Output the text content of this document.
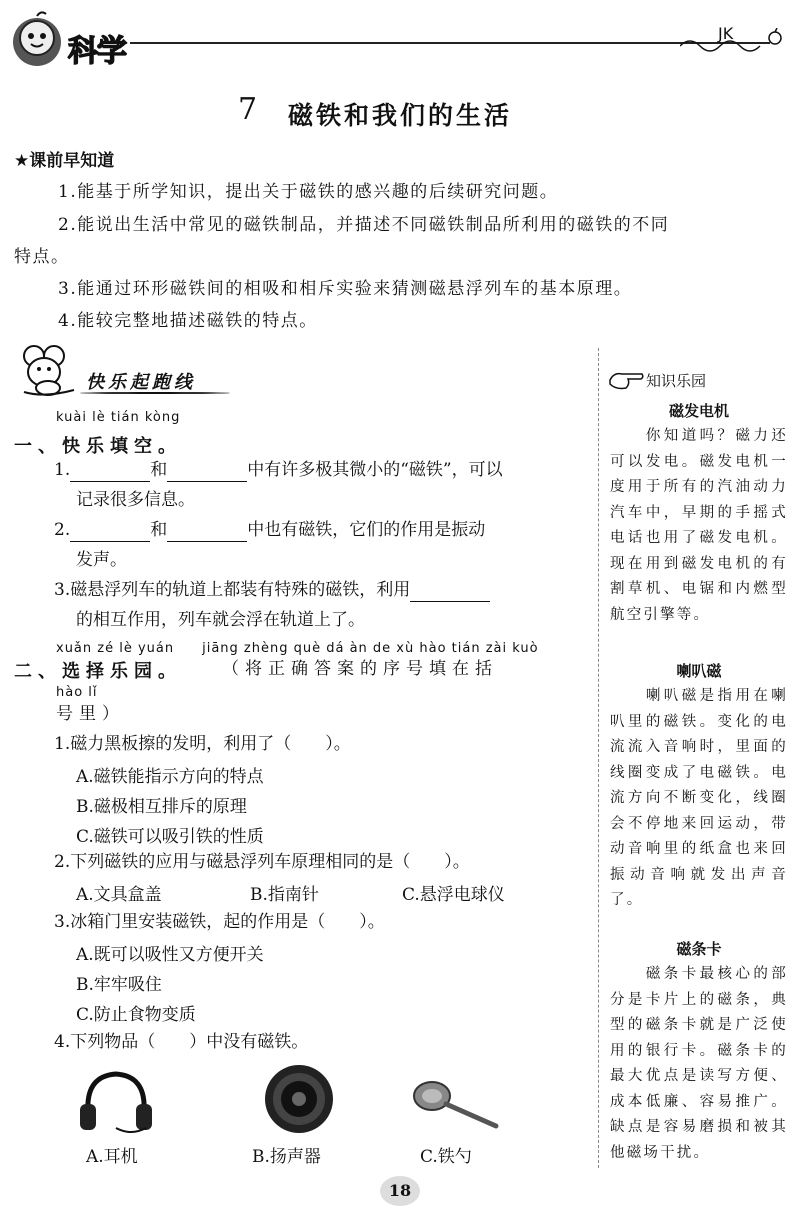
科学
JK
7 磁铁和我们的生活
★课前早知道
1.能基于所学知识，提出关于磁铁的感兴趣的后续研究问题。
2.能说出生活中常见的磁铁制品，并描述不同磁铁制品所利用的磁铁的不同
特点。
3.能通过环形磁铁间的相吸和相斥实验来猜测磁悬浮列车的基本原理。
4.能较完整地描述磁铁的特点。
快乐起跑线
kuài lè tián kòng
一、快乐填空。
1.	和	中有许多极其微小的“磁铁”，可以
记录很多信息。
2.	和	中也有磁铁，它们的作用是振动
发声。
3.磁悬浮列车的轨道上都装有特殊的磁铁，利用
的相互作用，列车就会浮在轨道上了。
xuǎn zé lè yuán　　jiāng zhèng què dá àn de xù hào tián zài kuò
二、选择乐园。 （将正确答案的序号填在括
hào lǐ
号里）
1.磁力黑板擦的发明，利用了（　　）。
A.磁铁能指示方向的特点
B.磁极相互排斥的原理
C.磁铁可以吸引铁的性质
2.下列磁铁的应用与磁悬浮列车原理相同的是（　　）。
A.文具盒盖	B.指南针	C.悬浮电球仪
3.冰箱门里安装磁铁，起的作用是（　　）。
A.既可以吸性又方便开关
B.牢牢吸住
C.防止食物变质
4.下列物品（　　）中没有磁铁。
A.耳机	B.扬声器	C.铁勺
知识乐园
磁发电机
　　你知道吗？磁力还可以发电。磁发电机一度用于所有的汽油动力汽车中，早期的手摇式电话也用了磁发电机。现在用到磁发电机的有割草机、电锯和内燃型航空引擎等。
喇叭磁
　　喇叭磁是指用在喇叭里的磁铁。变化的电流流入音响时，里面的线圈变成了电磁铁。电流方向不断变化，线圈会不停地来回运动，带动音响里的纸盒也来回振动音响就发出声音了。
磁条卡
　　磁条卡最核心的部分是卡片上的磁条，典型的磁条卡就是广泛使用的银行卡。磁条卡的最大优点是读写方便、成本低廉、容易推广。缺点是容易磨损和被其他磁场干扰。
18
